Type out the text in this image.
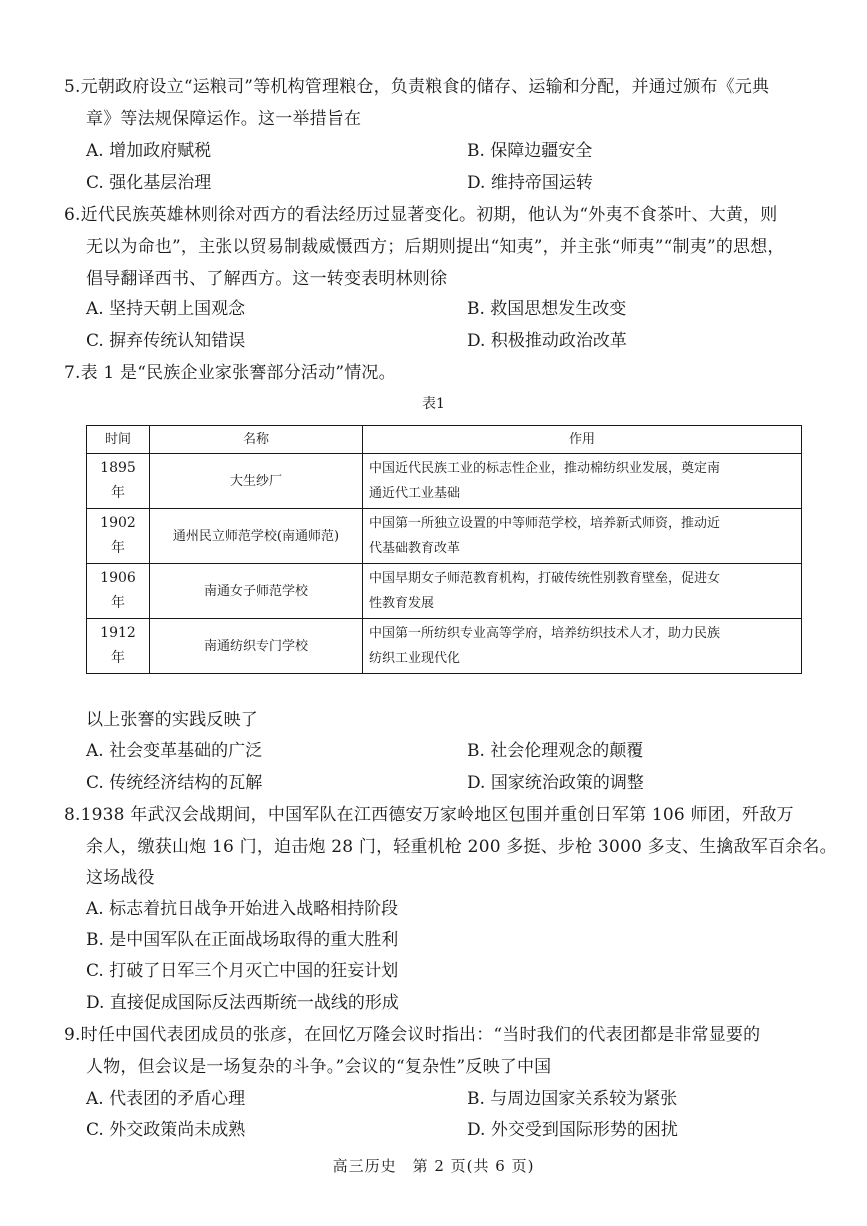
5.元朝政府设立“运粮司”等机构管理粮仓，负责粮食的储存、运输和分配，并通过颁布《元典
章》等法规保障运作。这一举措旨在
A. 增加政府赋税	B. 保障边疆安全
C. 强化基层治理	D. 维持帝国运转
6.近代民族英雄林则徐对西方的看法经历过显著变化。初期，他认为“外夷不食茶叶、大黄，则
无以为命也”，主张以贸易制裁威慑西方；后期则提出“知夷”，并主张“师夷”“制夷”的思想，
倡导翻译西书、了解西方。这一转变表明林则徐
A. 坚持天朝上国观念	B. 救国思想发生改变
C. 摒弃传统认知错误	D. 积极推动政治改革
7.表 1 是“民族企业家张謇部分活动”情况。
表1
时间	名称	作用
1895 年	大生纱厂	中国近代民族工业的标志性企业，推动棉纺织业发展，奠定南
通近代工业基础
1902 年	通州民立师范学校(南通师范)	中国第一所独立设置的中等师范学校，培养新式师资，推动近
代基础教育改革
1906 年	南通女子师范学校	中国早期女子师范教育机构，打破传统性别教育壁垒，促进女
性教育发展
1912 年	南通纺织专门学校	中国第一所纺织专业高等学府，培养纺织技术人才，助力民族
纺织工业现代化
以上张謇的实践反映了
A. 社会变革基础的广泛	B. 社会伦理观念的颠覆
C. 传统经济结构的瓦解	D. 国家统治政策的调整
8.1938 年武汉会战期间，中国军队在江西德安万家岭地区包围并重创日军第 106 师团，歼敌万
余人，缴获山炮 16 门，迫击炮 28 门，轻重机枪 200 多挺、步枪 3000 多支、生擒敌军百余名。
这场战役
A. 标志着抗日战争开始进入战略相持阶段
B. 是中国军队在正面战场取得的重大胜利
C. 打破了日军三个月灭亡中国的狂妄计划
D. 直接促成国际反法西斯统一战线的形成
9.时任中国代表团成员的张彦，在回忆万隆会议时指出：“当时我们的代表团都是非常显要的
人物，但会议是一场复杂的斗争。”会议的“复杂性”反映了中国
A. 代表团的矛盾心理	B. 与周边国家关系较为紧张
C. 外交政策尚未成熟	D. 外交受到国际形势的困扰
高三历史　第 2 页(共 6 页)
